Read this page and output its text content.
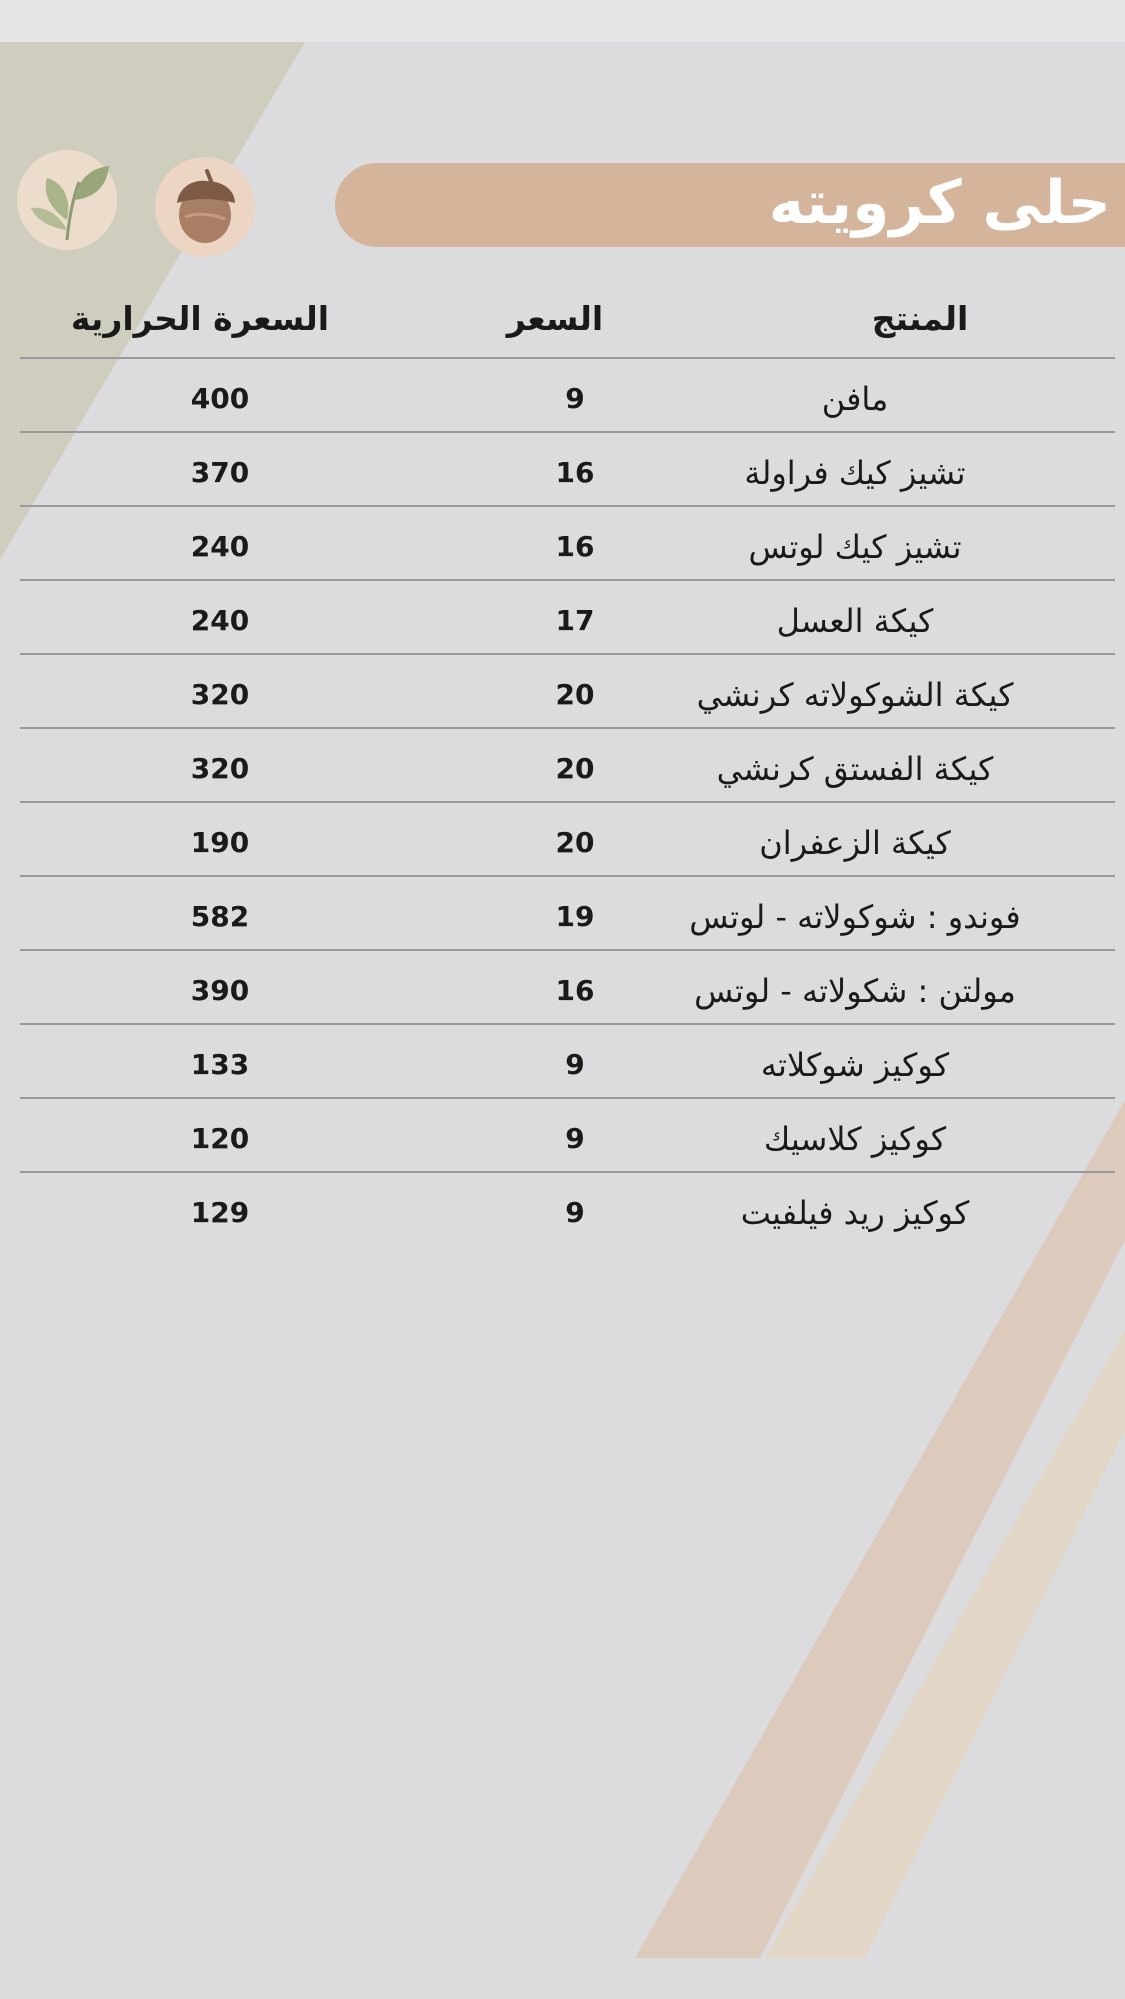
حلى كرويته
المنتج
السعر
السعرة الحرارية
مافن
9
400
تشيز كيك فراولة
16
370
تشيز كيك لوتس
16
240
كيكة العسل
17
240
كيكة الشوكولاته كرنشي
20
320
كيكة الفستق كرنشي
20
320
كيكة الزعفران
20
190
فوندو : شوكولاته - لوتس
19
582
مولتن : شكولاته - لوتس
16
390
كوكيز شوكلاته
9
133
كوكيز كلاسيك
9
120
كوكيز ريد فيلفيت
9
129
